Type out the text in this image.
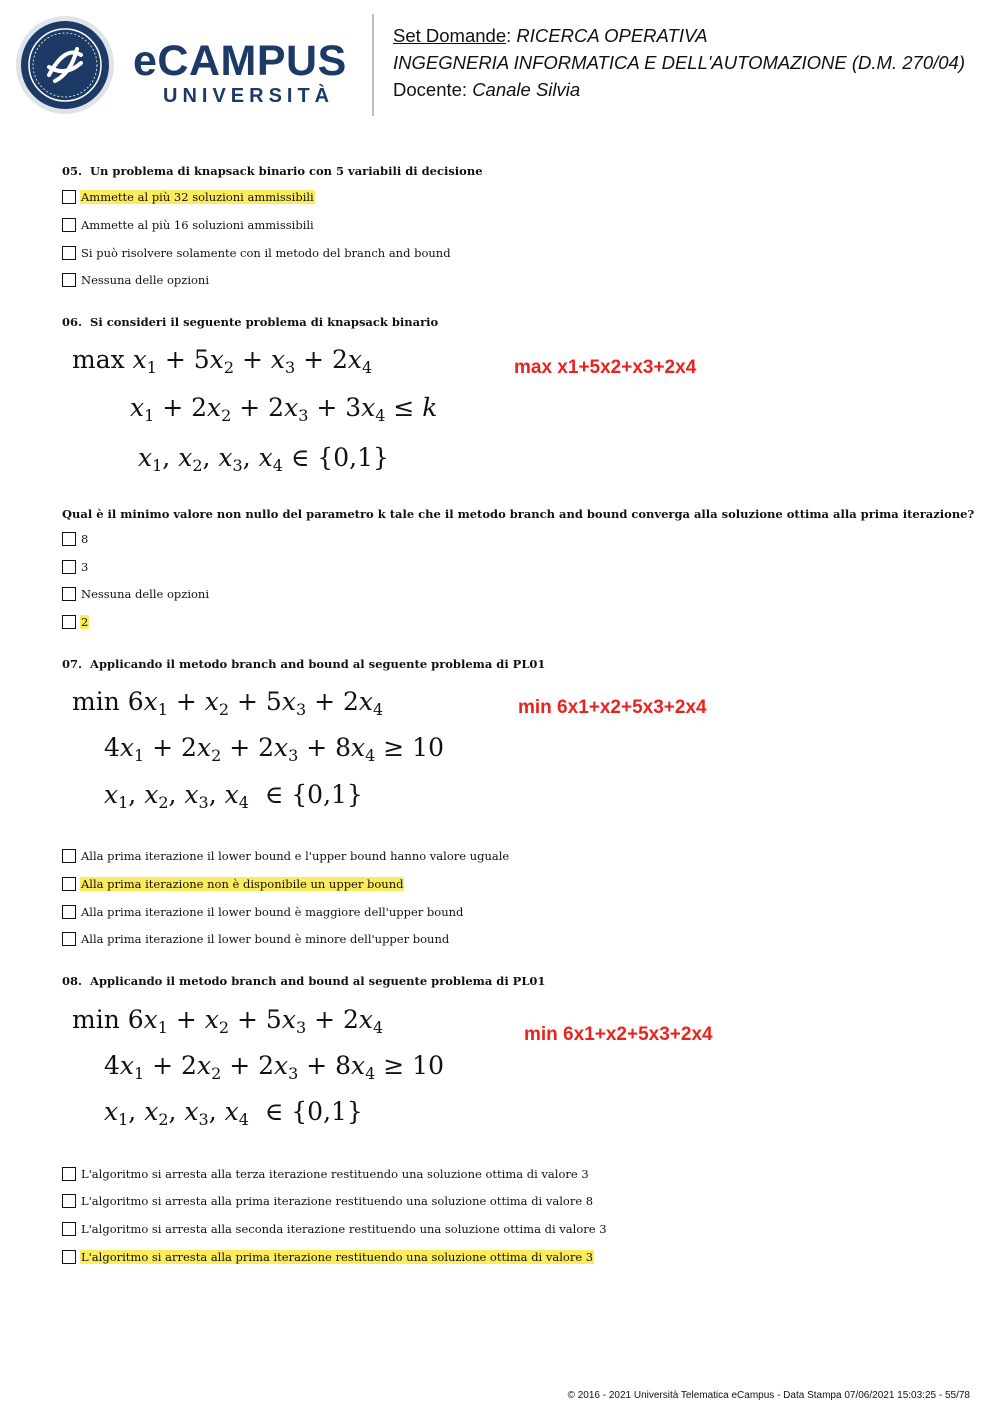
eCAMPUS
UNIVERSITÀ
Set Domande: RICERCA OPERATIVA
INGEGNERIA INFORMATICA E DELL'AUTOMAZIONE (D.M. 270/04)
Docente: Canale Silvia
05. Un problema di knapsack binario con 5 variabili di decisione
Ammette al più 32 soluzioni ammissibili
Ammette al più 16 soluzioni ammissibili
Si può risolvere solamente con il metodo del branch and bound
Nessuna delle opzioni
06. Si consideri il seguente problema di knapsack binario
$\max x_1 + 5x_2 + x_3 + 2x_4$
$x_1 + 2x_2 + 2x_3 + 3x_4 \le k$
$x_1$, $x_2$, $x_3$, $x_4$ ∈ {0,1}
max x1+5x2+x3+2x4
Qual è il minimo valore non nullo del parametro k tale che il metodo branch and bound converga alla soluzione ottima alla prima iterazione?
8
3
Nessuna delle opzioni
2
07. Applicando il metodo branch and bound al seguente problema di PL01
$\min 6x_1 + x_2 + 5x_3 + 2x_4$
$4x_1 + 2x_2 + 2x_3 + 8x_4 \ge 10$
$x_1$, $x_2$, $x_3$, $x_4$  ∈ {0,1}
min 6x1+x2+5x3+2x4
Alla prima iterazione il lower bound e l'upper bound hanno valore uguale
Alla prima iterazione non è disponibile un upper bound
Alla prima iterazione il lower bound è maggiore dell'upper bound
Alla prima iterazione il lower bound è minore dell'upper bound
08. Applicando il metodo branch and bound al seguente problema di PL01
$\min 6x_1 + x_2 + 5x_3 + 2x_4$
$4x_1 + 2x_2 + 2x_3 + 8x_4 \ge 10$
$x_1$, $x_2$, $x_3$, $x_4$  ∈ {0,1}
min 6x1+x2+5x3+2x4
L'algoritmo si arresta alla terza iterazione restituendo una soluzione ottima di valore 3
L'algoritmo si arresta alla prima iterazione restituendo una soluzione ottima di valore 8
L'algoritmo si arresta alla seconda iterazione restituendo una soluzione ottima di valore 3
L'algoritmo si arresta alla prima iterazione restituendo una soluzione ottima di valore 3
© 2016 - 2021 Università Telematica eCampus - Data Stampa 07/06/2021 15:03:25 - 55/78
